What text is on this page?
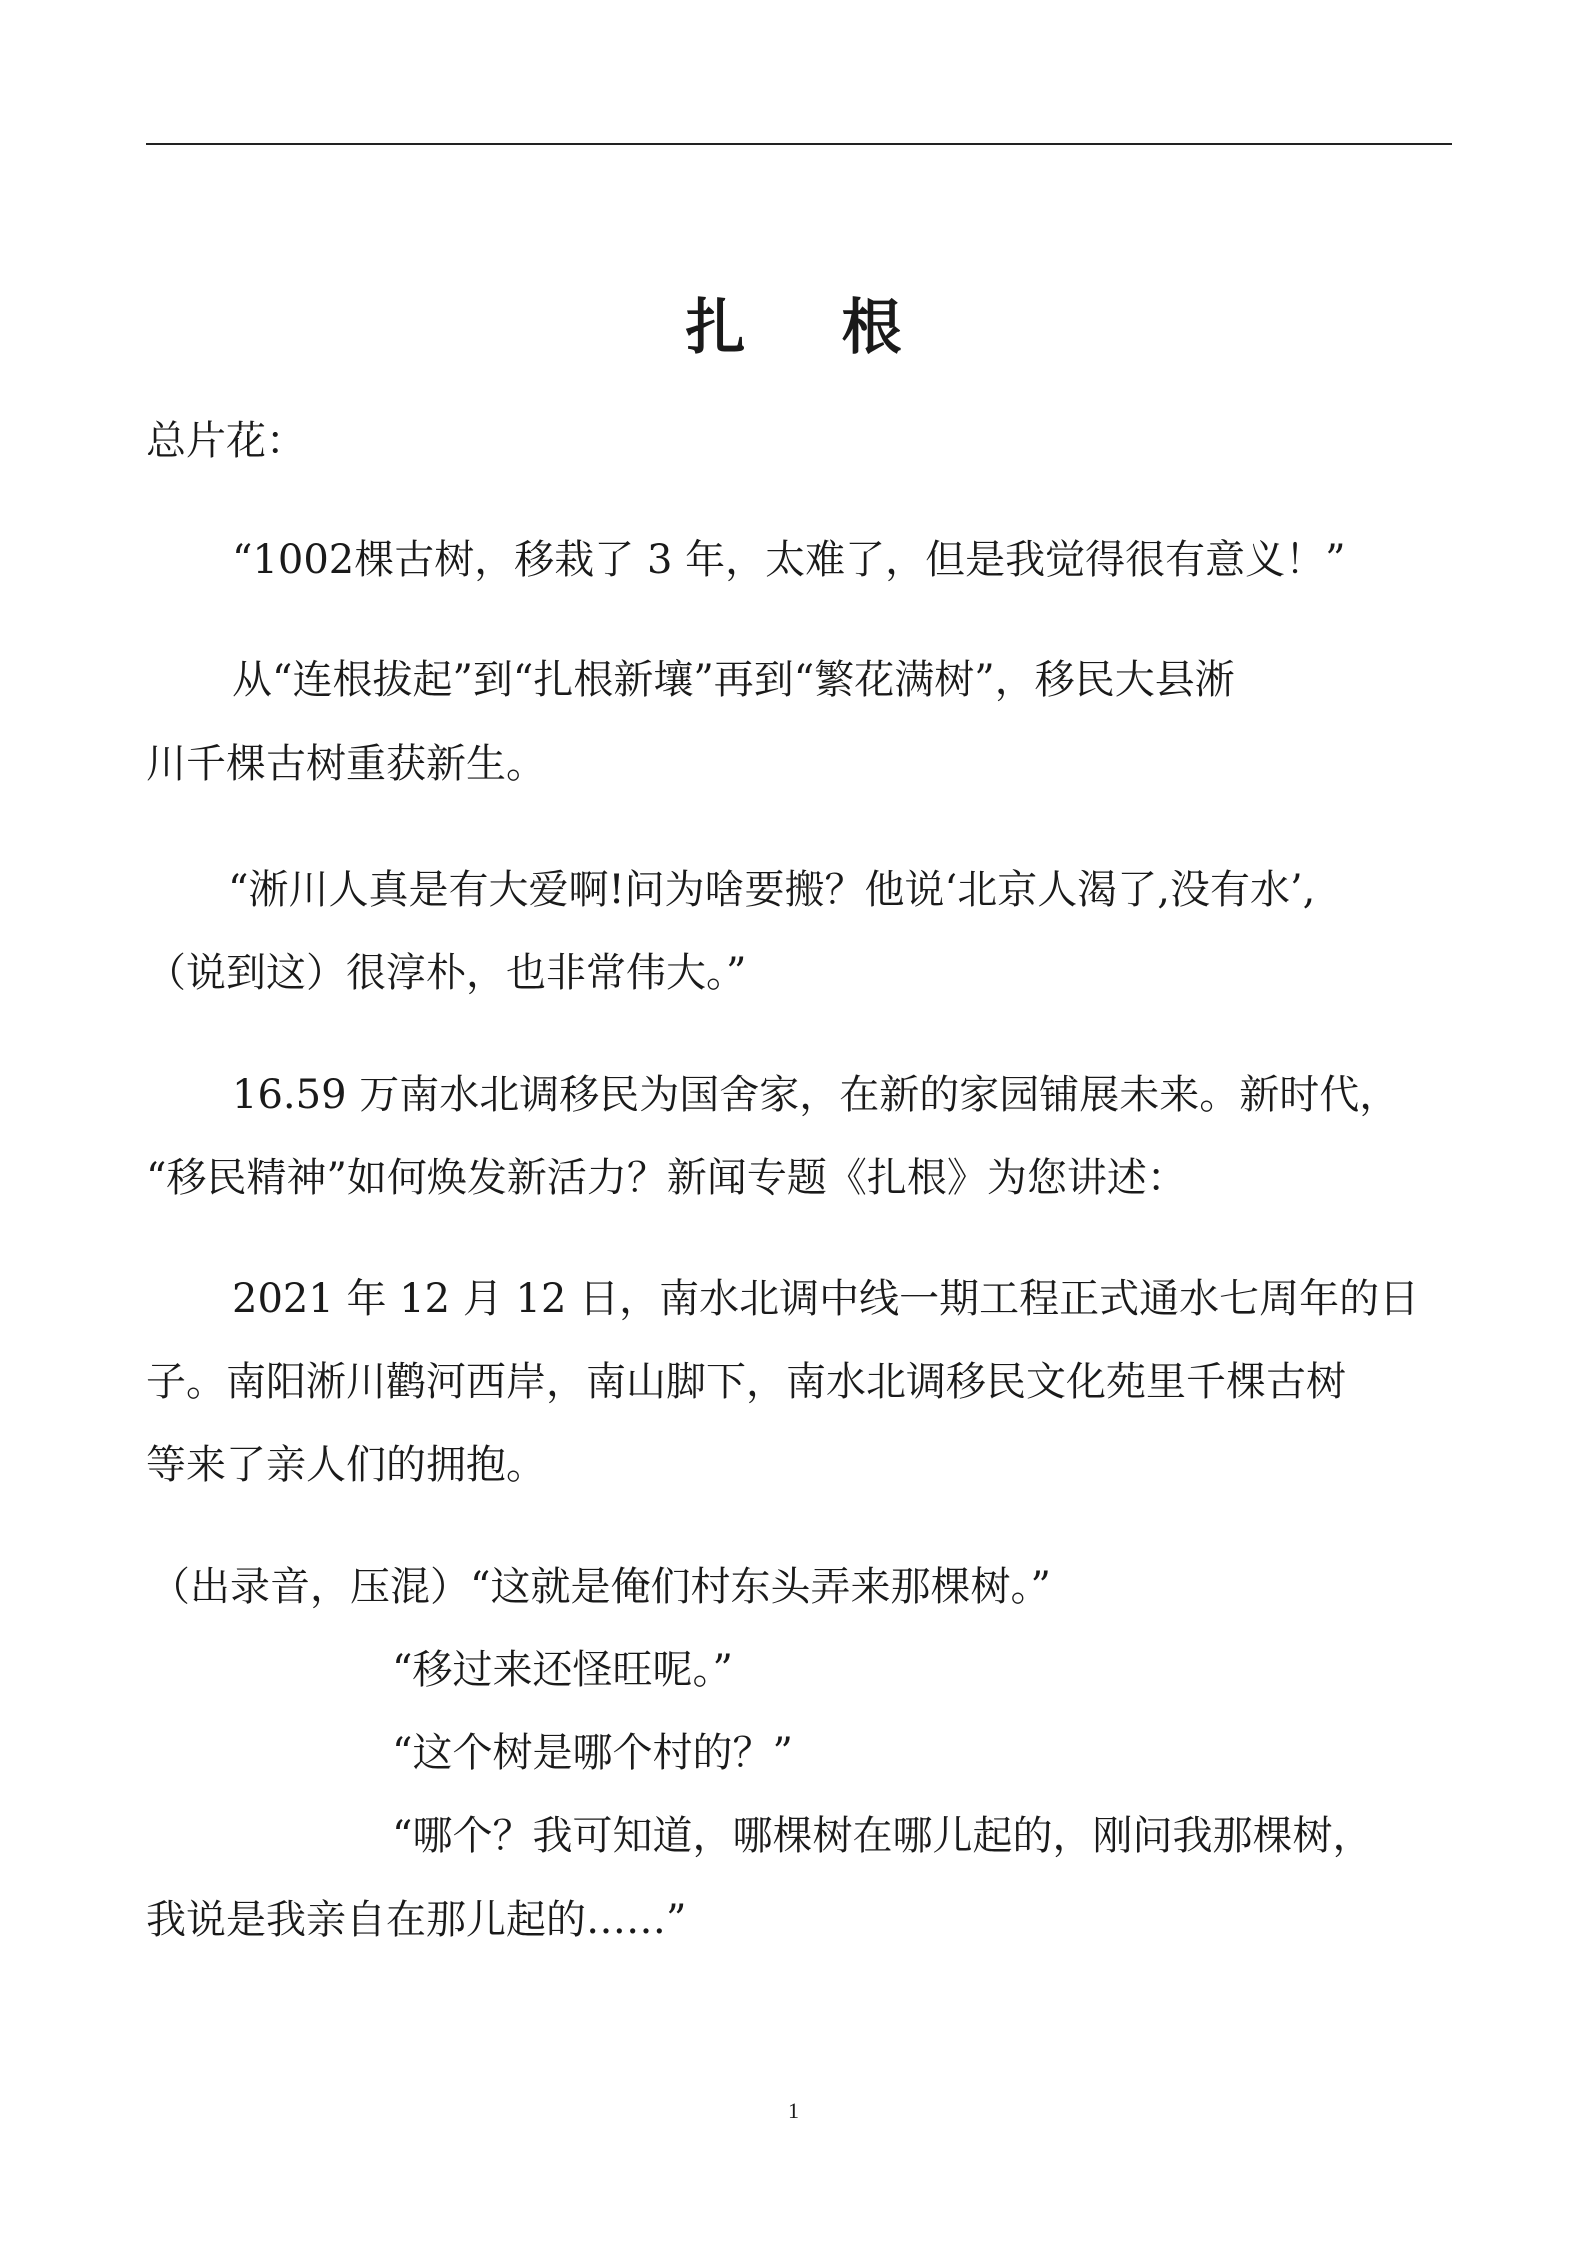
扎 根
总片花：
“1002棵古树，移栽了 3 年，太难了，但是我觉得很有意义！”
从“连根拔起”到“扎根新壤”再到“繁花满树”，移民大县淅
川千棵古树重获新生。
“淅川人真是有大爱啊!问为啥要搬？他说‘北京人渴了,没有水’,
（说到这）很淳朴，也非常伟大。”
16.59 万南水北调移民为国舍家，在新的家园铺展未来。新时代，
“移民精神”如何焕发新活力？新闻专题《扎根》为您讲述：
2021 年 12 月 12 日，南水北调中线一期工程正式通水七周年的日
子。南阳淅川鹳河西岸，南山脚下，南水北调移民文化苑里千棵古树
等来了亲人们的拥抱。
（出录音，压混）“这就是俺们村东头弄来那棵树。”
“移过来还怪旺呢。”
“这个树是哪个村的？”
“哪个？我可知道，哪棵树在哪儿起的，刚问我那棵树，
我说是我亲自在那儿起的……”
1
